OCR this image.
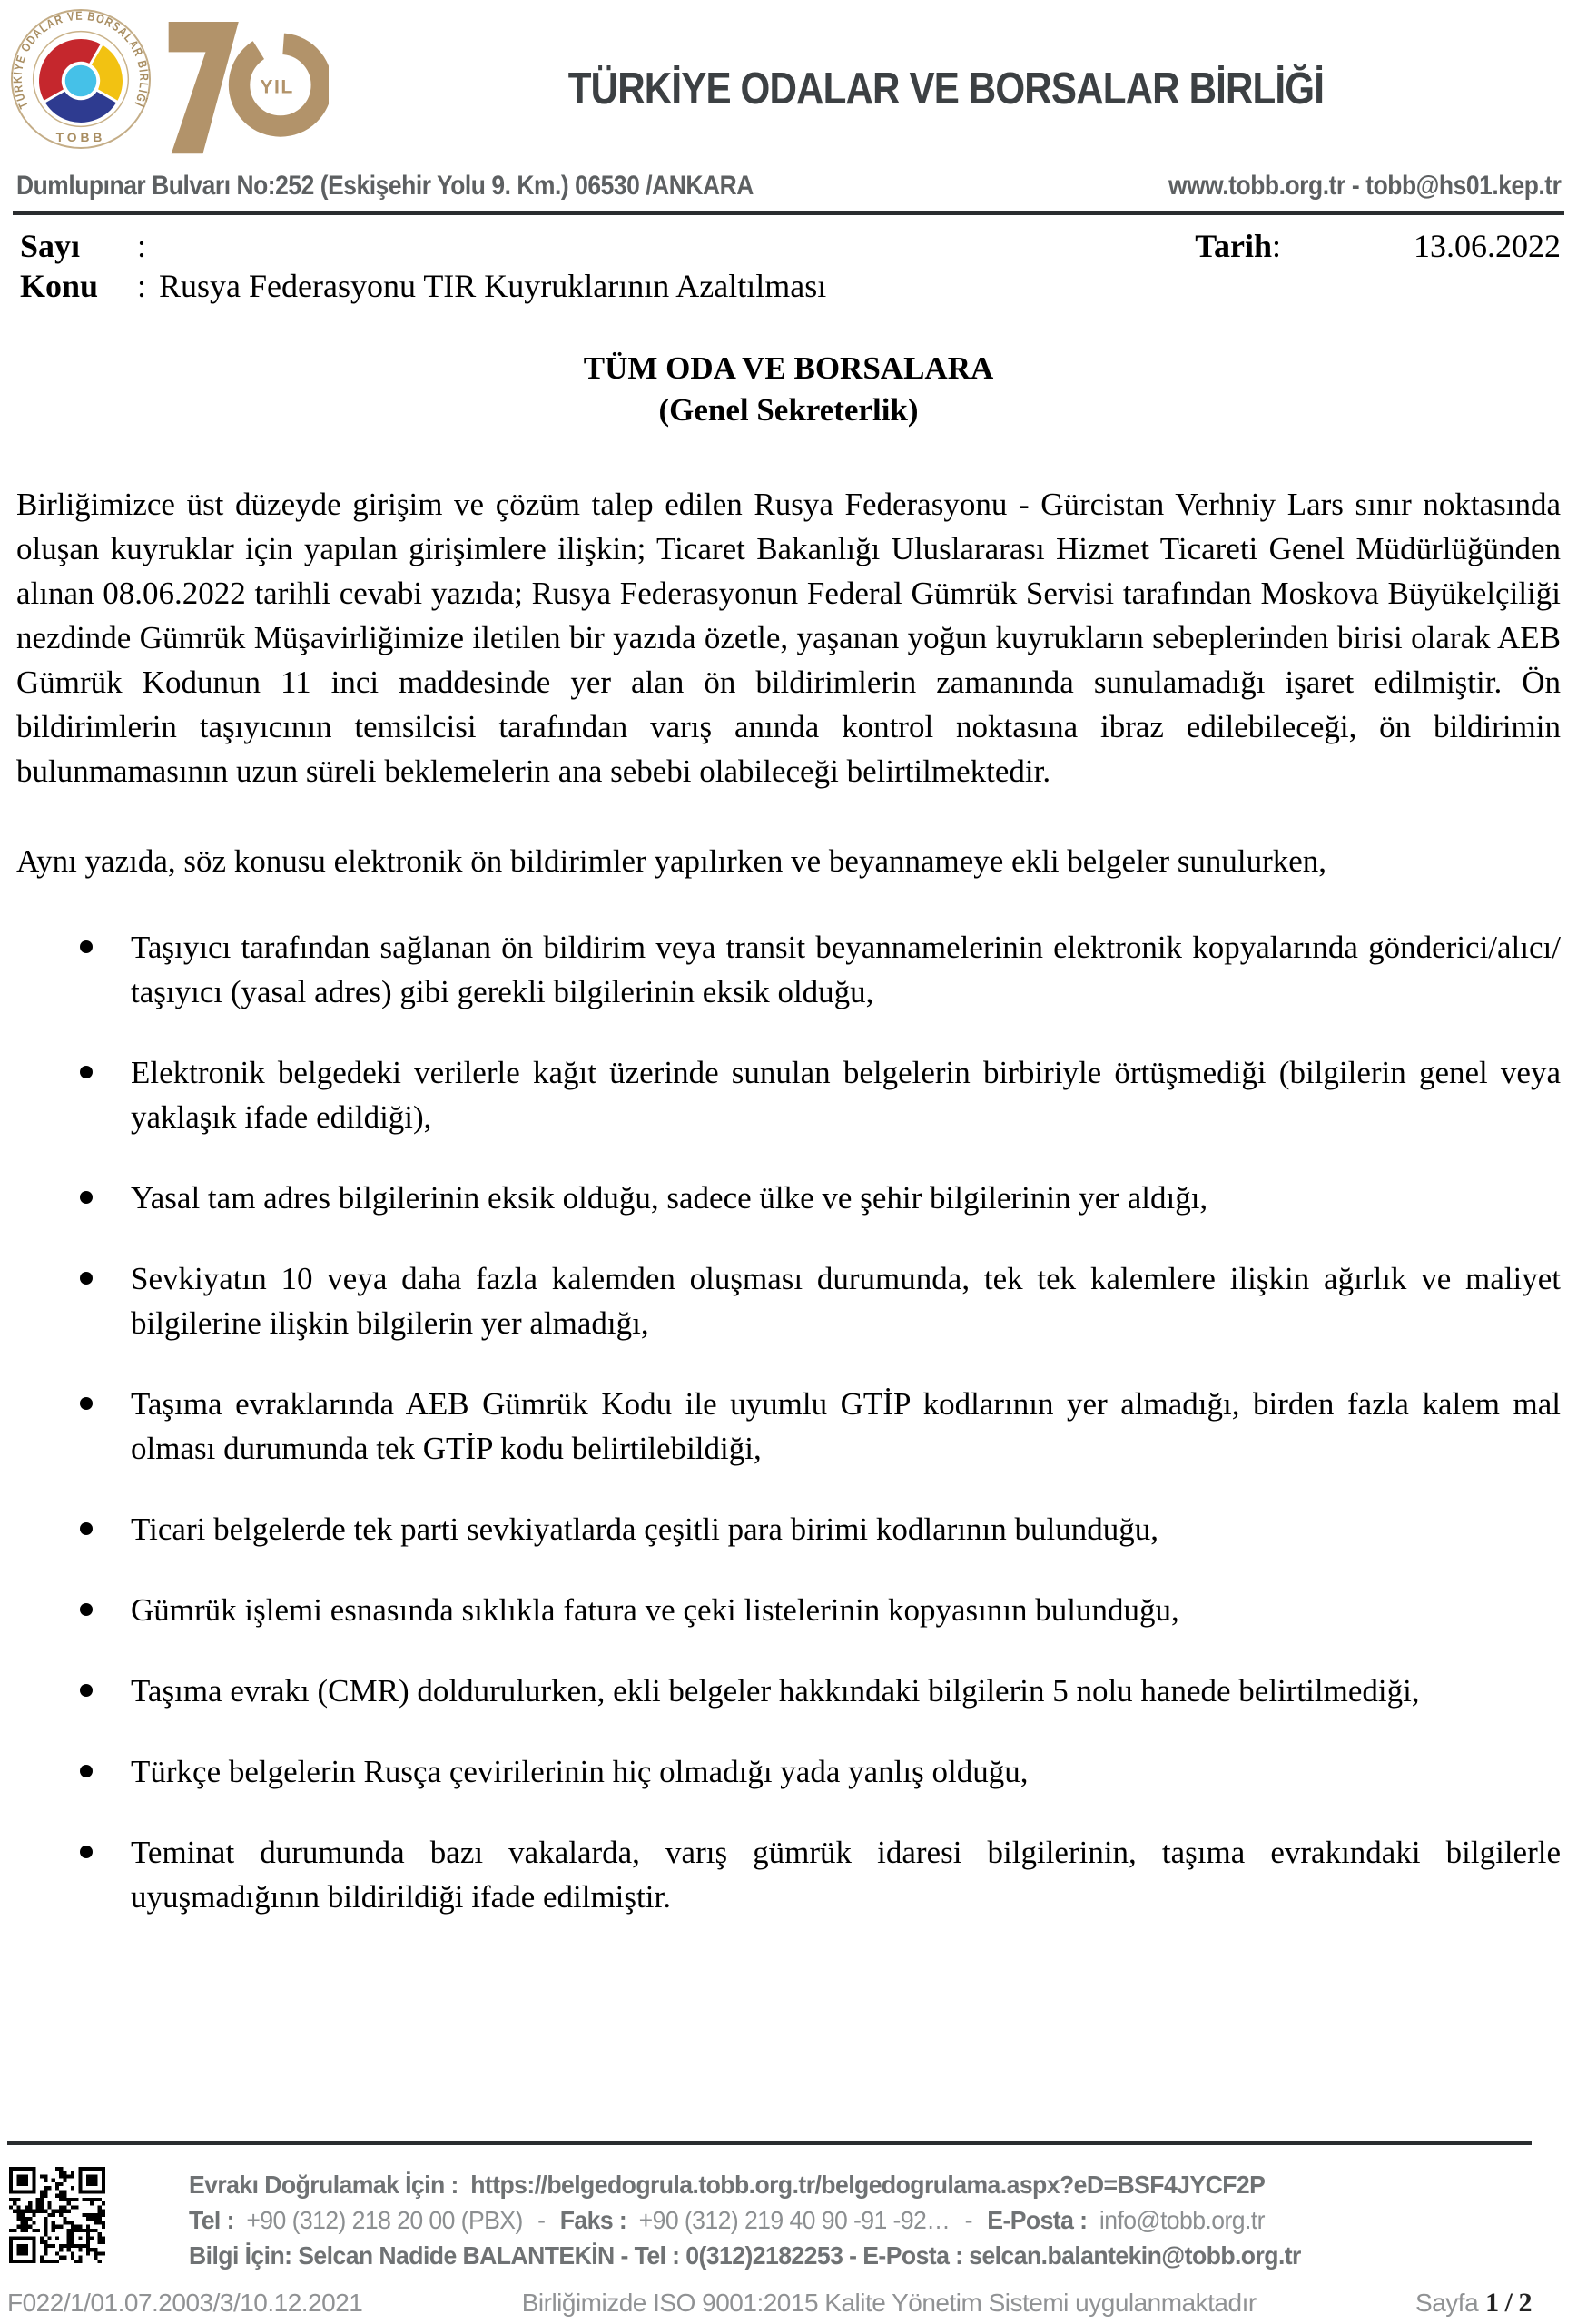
TÜRKİYE ODALAR VE BORSALAR BİRLİĞİ
TOBB
YIL	TÜRKİYE ODALAR VE BORSALAR BİRLİĞİ
Dumlupınar Bulvarı No:252 (Eskişehir Yolu 9. Km.) 06530 /ANKARA	www.tobb.org.tr - tobb@hs01.kep.tr
Sayı	:	Tarih :	13.06.2022
Konu	: Rusya Federasyonu TIR Kuyruklarının Azaltılması
TÜM ODA VE BORSALARA
(Genel Sekreterlik)

Birliğimizce üst düzeyde girişim ve çözüm talep edilen Rusya Federasyonu - Gürcistan Verhniy Lars sınır noktasında oluşan kuyruklar için yapılan girişimlere ilişkin; Ticaret Bakanlığı Uluslararası Hizmet Ticareti Genel Müdürlüğünden alınan 08.06.2022 tarihli cevabi yazıda; Rusya Federasyonun Federal Gümrük Servisi tarafından Moskova Büyükelçiliği nezdinde Gümrük Müşavirliğimize iletilen bir yazıda özetle, yaşanan yoğun kuyrukların sebeplerinden birisi olarak AEB Gümrük Kodunun 11 inci maddesinde yer alan ön bildirimlerin zamanında sunulamadığı işaret edilmiştir. Ön bildirimlerin taşıyıcının temsilcisi tarafından varış anında kontrol noktasına ibraz edilebileceği, ön bildirimin bulunmamasının uzun süreli beklemelerin ana sebebi olabileceği belirtilmektedir.

Aynı yazıda, söz konusu elektronik ön bildirimler yapılırken ve beyannameye ekli belgeler sunulurken,

Taşıyıcı tarafından sağlanan ön bildirim veya transit beyannamelerinin elektronik kopyalarında gönderici/alıcı/ taşıyıcı (yasal adres) gibi gerekli bilgilerinin eksik olduğu,
Elektronik belgedeki verilerle kağıt üzerinde sunulan belgelerin birbiriyle örtüşmediği (bilgilerin genel veya yaklaşık ifade edildiği),
Yasal tam adres bilgilerinin eksik olduğu, sadece ülke ve şehir bilgilerinin yer aldığı,
Sevkiyatın 10 veya daha fazla kalemden oluşması durumunda, tek tek kalemlere ilişkin ağırlık ve maliyet bilgilerine ilişkin bilgilerin yer almadığı,
Taşıma evraklarında AEB Gümrük Kodu ile uyumlu GTİP kodlarının yer almadığı, birden fazla kalem mal olması durumunda tek GTİP kodu belirtilebildiği,
Ticari belgelerde tek parti sevkiyatlarda çeşitli para birimi kodlarının bulunduğu,
Gümrük işlemi esnasında sıklıkla fatura ve çeki listelerinin kopyasının bulunduğu,
Taşıma evrakı (CMR) doldurulurken, ekli belgeler hakkındaki bilgilerin 5 nolu hanede belirtilmediği,
Türkçe belgelerin Rusça çevirilerinin hiç olmadığı yada yanlış olduğu,
Teminat durumunda bazı vakalarda, varış gümrük idaresi bilgilerinin, taşıma evrakındaki bilgilerle uyuşmadığının bildirildiği ifade edilmiştir.
Evrakı Doğrulamak İçin : https://belgedogrula.tobb.org.tr/belgedogrulama.aspx?eD=BSF4JYCF2P
Tel : +90 (312) 218 20 00 (PBX) - Faks : +90 (312) 219 40 90 -91 -92… - E-Posta : info@tobb.org.tr
Bilgi İçin: Selcan Nadide BALANTEKİN - Tel : 0(312)2182253 - E-Posta : selcan.balantekin@tobb.org.tr
F022/1/01.07.2003/3/10.12.2021	Birliğimizde ISO 9001:2015 Kalite Yönetim Sistemi uygulanmaktadır	Sayfa 1 / 2
